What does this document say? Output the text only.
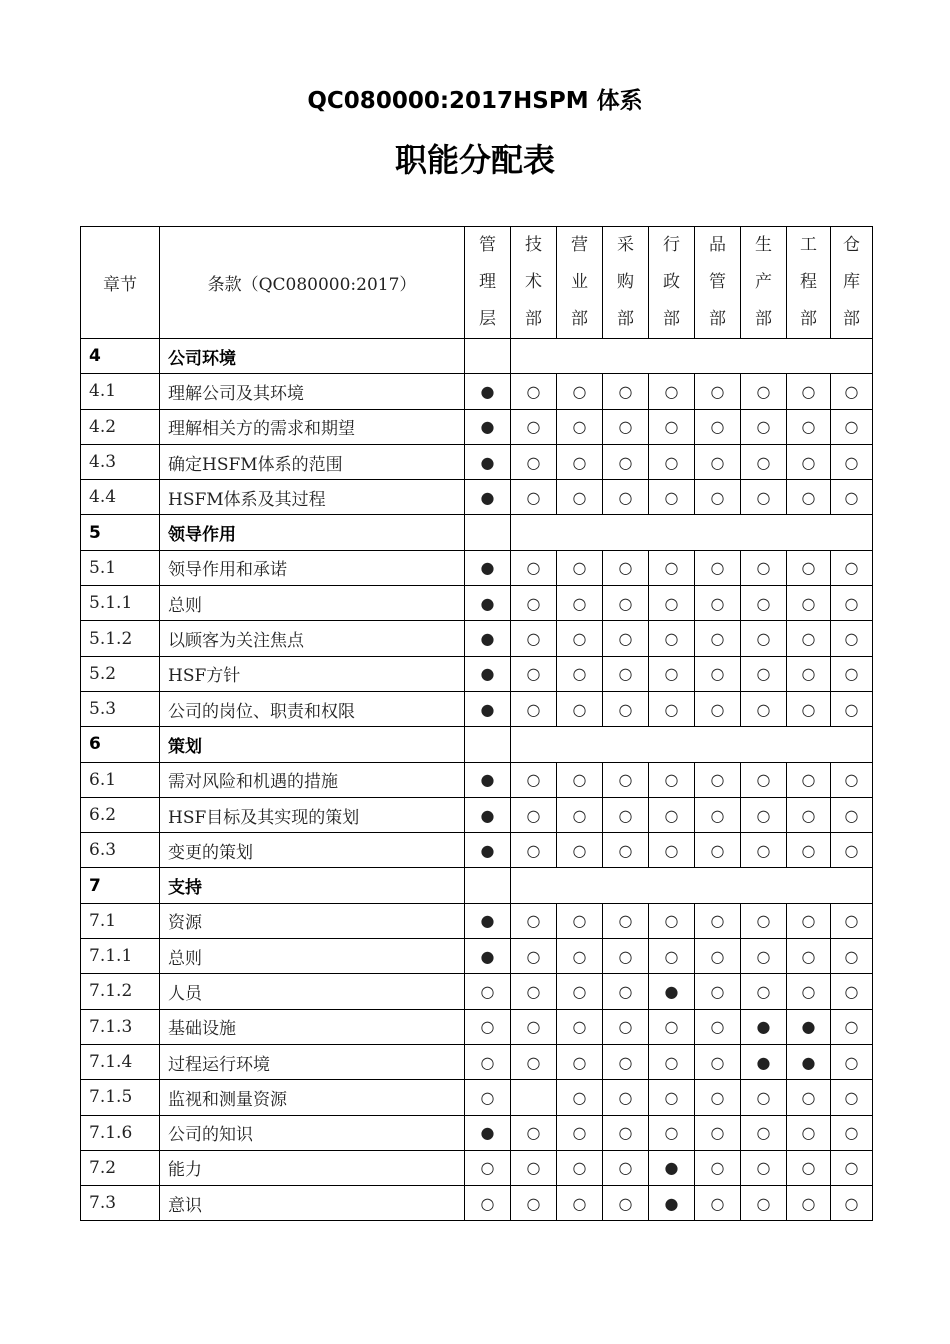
QC080000:2017HSPM 体系
职能分配表
章节	条款（QC080000:2017）	管理层	技术部	营业部	采购部	行政部	品管部	生产部	工程部	仓库部
4	公司环境									
4.1	理解公司及其环境	●	○	○	○	○	○	○	○	○
4.2	理解相关方的需求和期望	●	○	○	○	○	○	○	○	○
4.3	确定HSFM体系的范围	●	○	○	○	○	○	○	○	○
4.4	HSFM体系及其过程	●	○	○	○	○	○	○	○	○
5	领导作用									
5.1	领导作用和承诺	●	○	○	○	○	○	○	○	○
5.1.1	总则	●	○	○	○	○	○	○	○	○
5.1.2	以顾客为关注焦点	●	○	○	○	○	○	○	○	○
5.2	HSF方针	●	○	○	○	○	○	○	○	○
5.3	公司的岗位、职责和权限	●	○	○	○	○	○	○	○	○
6	策划									
6.1	需对风险和机遇的措施	●	○	○	○	○	○	○	○	○
6.2	HSF目标及其实现的策划	●	○	○	○	○	○	○	○	○
6.3	变更的策划	●	○	○	○	○	○	○	○	○
7	支持									
7.1	资源	●	○	○	○	○	○	○	○	○
7.1.1	总则	●	○	○	○	○	○	○	○	○
7.1.2	人员	○	○	○	○	●	○	○	○	○
7.1.3	基础设施	○	○	○	○	○	○	●	●	○
7.1.4	过程运行环境	○	○	○	○	○	○	●	●	○
7.1.5	监视和测量资源	○		○	○	○	○	○	○	○
7.1.6	公司的知识	●	○	○	○	○	○	○	○	○
7.2	能力	○	○	○	○	●	○	○	○	○
7.3	意识	○	○	○	○	●	○	○	○	○
